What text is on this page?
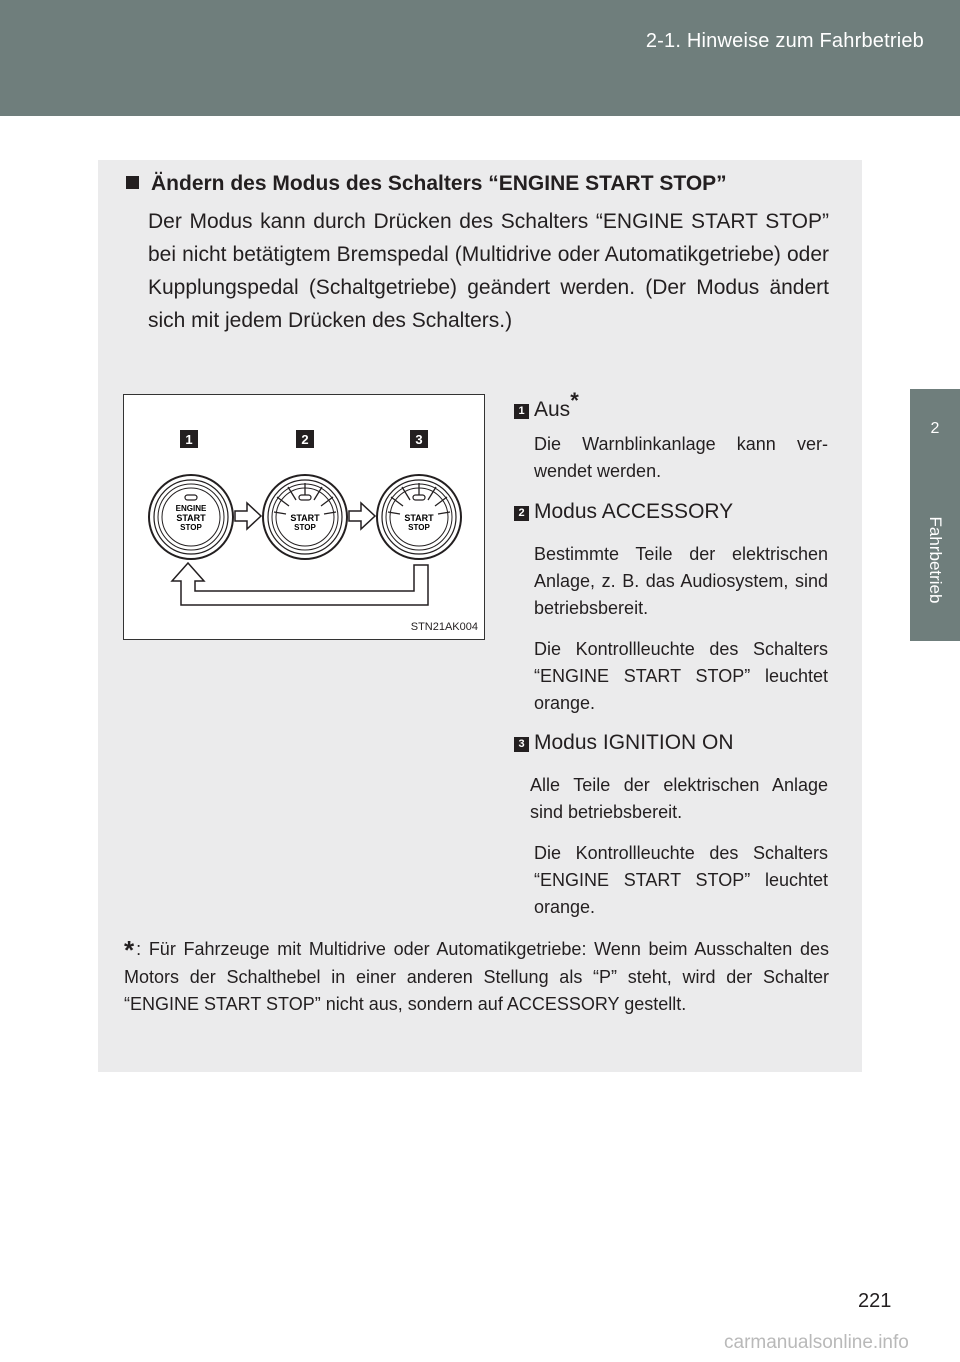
2-1. Hinweise zum Fahrbetrieb
2
Fahrbetrieb
Ändern des Modus des Schalters “ENGINE START STOP”
Der Modus kann durch Drücken des Schalters “ENGINE START STOP” bei nicht betätigtem Bremspedal (Multidrive oder Automatikgetriebe) oder Kupplungspedal (Schaltgetriebe) geändert werden. (Der Modus ändert sich mit jedem Drücken des Schalters.)
1	2	3
ENGINE
START
STOP
START
STOP
START
STOP
STN21AK004
1 Aus*
Die Warnblinkanlage kann verwendet werden.
2 Modus ACCESSORY
Bestimmte Teile der elektrischen Anlage, z. B. das Audiosystem, sind betriebsbereit.
Die Kontrollleuchte des Schalters “ENGINE START STOP” leuchtet orange.
3 Modus IGNITION ON
Alle Teile der elektrischen Anlage sind betriebsbereit.
Die Kontrollleuchte des Schalters “ENGINE START STOP” leuchtet orange.
* : Für Fahrzeuge mit Multidrive oder Automatikgetriebe: Wenn beim Ausschalten des Motors der Schalthebel in einer anderen Stellung als “P” steht, wird der Schalter “ENGINE START STOP” nicht aus, sondern auf ACCESSORY gestellt.
221
carmanualsonline.info
